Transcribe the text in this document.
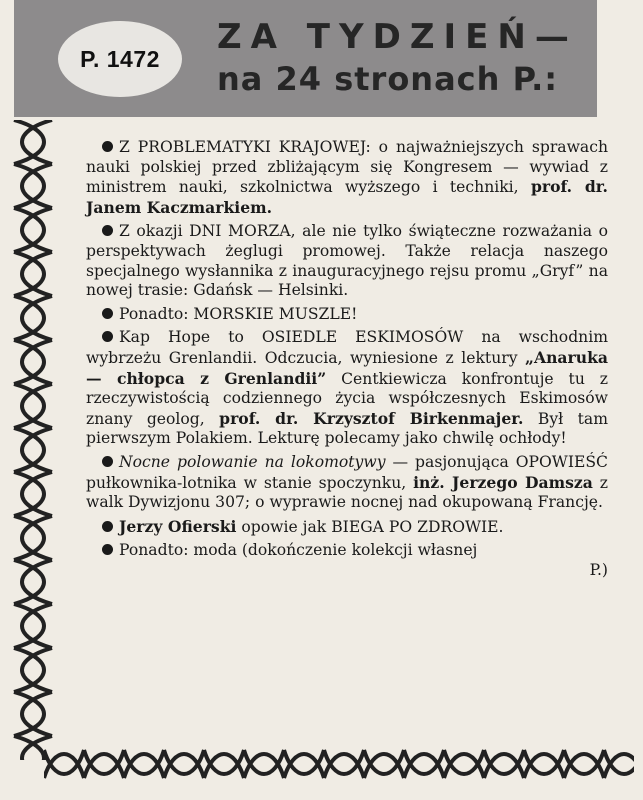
P. 1472
ZA TYDZIEŃ—
na 24 stronach P.:

Z PROBLEMATYKI KRAJOWEJ: o najważniejszych sprawach nauki polskiej przed zbliżającym się Kongresem — wywiad z ministrem nauki, szkolnictwa wyższego i techniki, prof. dr. Janem Kaczmarkiem.

Z okazji DNI MORZA, ale nie tylko świąteczne rozważania o perspektywach żeglugi promowej. Także relacja naszego specjalnego wysłannika z inauguracyjnego rejsu promu „Gryf” na nowej trasie: Gdańsk — Helsinki.

Ponadto: MORSKIE MUSZLE!

Kap Hope to OSIEDLE ESKIMOSÓW na wschodnim wybrzeżu Grenlandii. Odczucia, wyniesione z lektury „Anaruka — chłopca z Grenlandii” Centkiewicza konfrontuje tu z rzeczywistością codziennego życia współczesnych Eskimosów znany geolog, prof. dr. Krzysztof Birkenmajer. Był tam pierwszym Polakiem. Lekturę polecamy jako chwilę ochłody!

Nocne polowanie na lokomotywy — pasjonująca OPOWIEŚĆ pułkownika-lotnika w stanie spoczynku, inż. Jerzego Damsza z walk Dywizjonu 307; o wyprawie nocnej nad okupowaną Francję.

Jerzy Ofierski opowie jak BIEGA PO ZDROWIE.

Ponadto: moda (dokończenie kolekcji własnej
P.)
